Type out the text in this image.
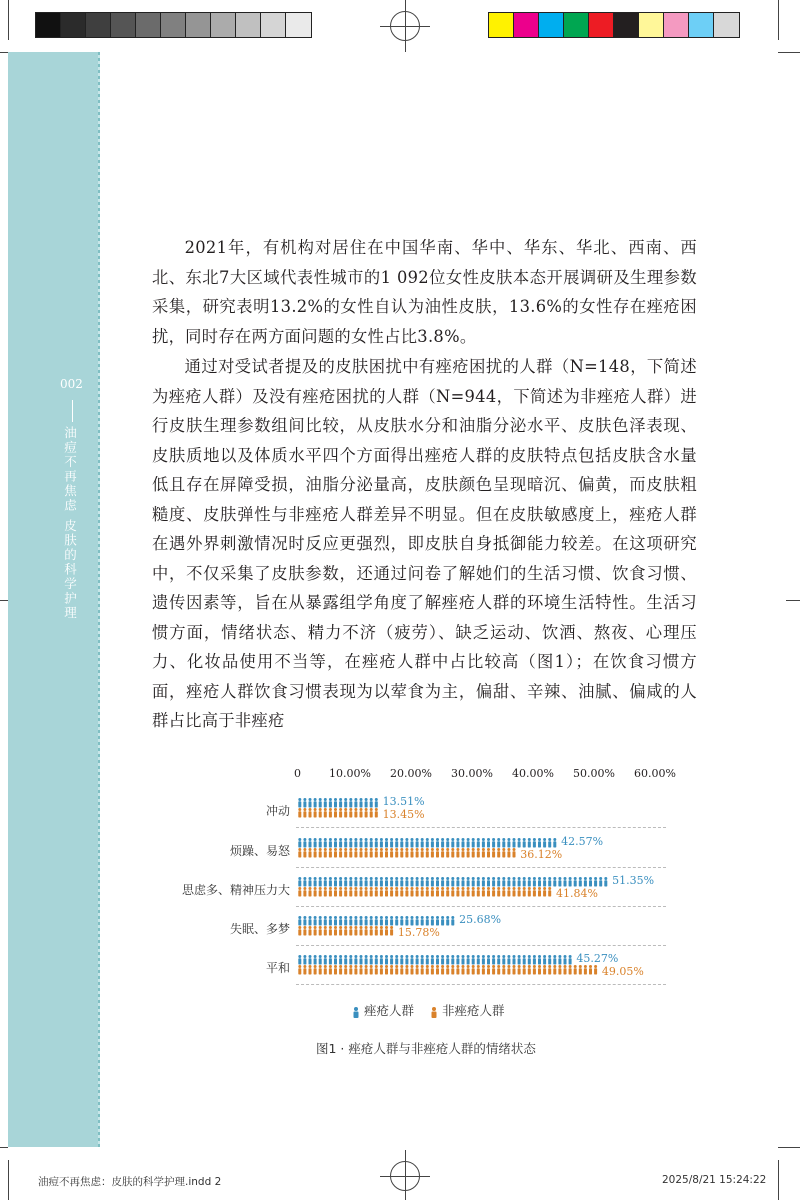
002
油痘不再焦虑 皮肤的科学护理
2021年，有机构对居住在中国华南、华中、华东、华北、西南、西北、东北7大区域代表性城市的1 092位女性皮肤本态开展调研及生理参数采集，研究表明13.2%的女性自认为油性皮肤，13.6%的女性存在痤疮困扰，同时存在两方面问题的女性占比3.8%。
通过对受试者提及的皮肤困扰中有痤疮困扰的人群（N=148，下简述为痤疮人群）及没有痤疮困扰的人群（N=944，下简述为非痤疮人群）进行皮肤生理参数组间比较，从皮肤水分和油脂分泌水平、皮肤色泽表现、皮肤质地以及体质水平四个方面得出痤疮人群的皮肤特点包括皮肤含水量低且存在屏障受损，油脂分泌量高，皮肤颜色呈现暗沉、偏黄，而皮肤粗糙度、皮肤弹性与非痤疮人群差异不明显。但在皮肤敏感度上，痤疮人群在遇外界刺激情况时反应更强烈，即皮肤自身抵御能力较差。在这项研究中，不仅采集了皮肤参数，还通过问卷了解她们的生活习惯、饮食习惯、遗传因素等，旨在从暴露组学角度了解痤疮人群的环境生活特性。生活习惯方面，情绪状态、精力不济（疲劳）、缺乏运动、饮酒、熬夜、心理压力、化妆品使用不当等，在痤疮人群中占比较高（图1）；在饮食习惯方面，痤疮人群饮食习惯表现为以荤食为主，偏甜、辛辣、油腻、偏咸的人群占比高于非痤疮
0	10.00% 20.00% 30.00% 40.00% 50.00% 60.00%
冲动
13.51%
13.45%
烦躁、易怒
42.57%
36.12%
思虑多、精神压力大
51.35%
41.84%
失眠、多梦
25.68%
15.78%
平和
45.27%
49.05%
痤疮人群 非痤疮人群
图1 · 痤疮人群与非痤疮人群的情绪状态
油痘不再焦虑：皮肤的科学护理.indd 2	2025/8/21 15:24:22
